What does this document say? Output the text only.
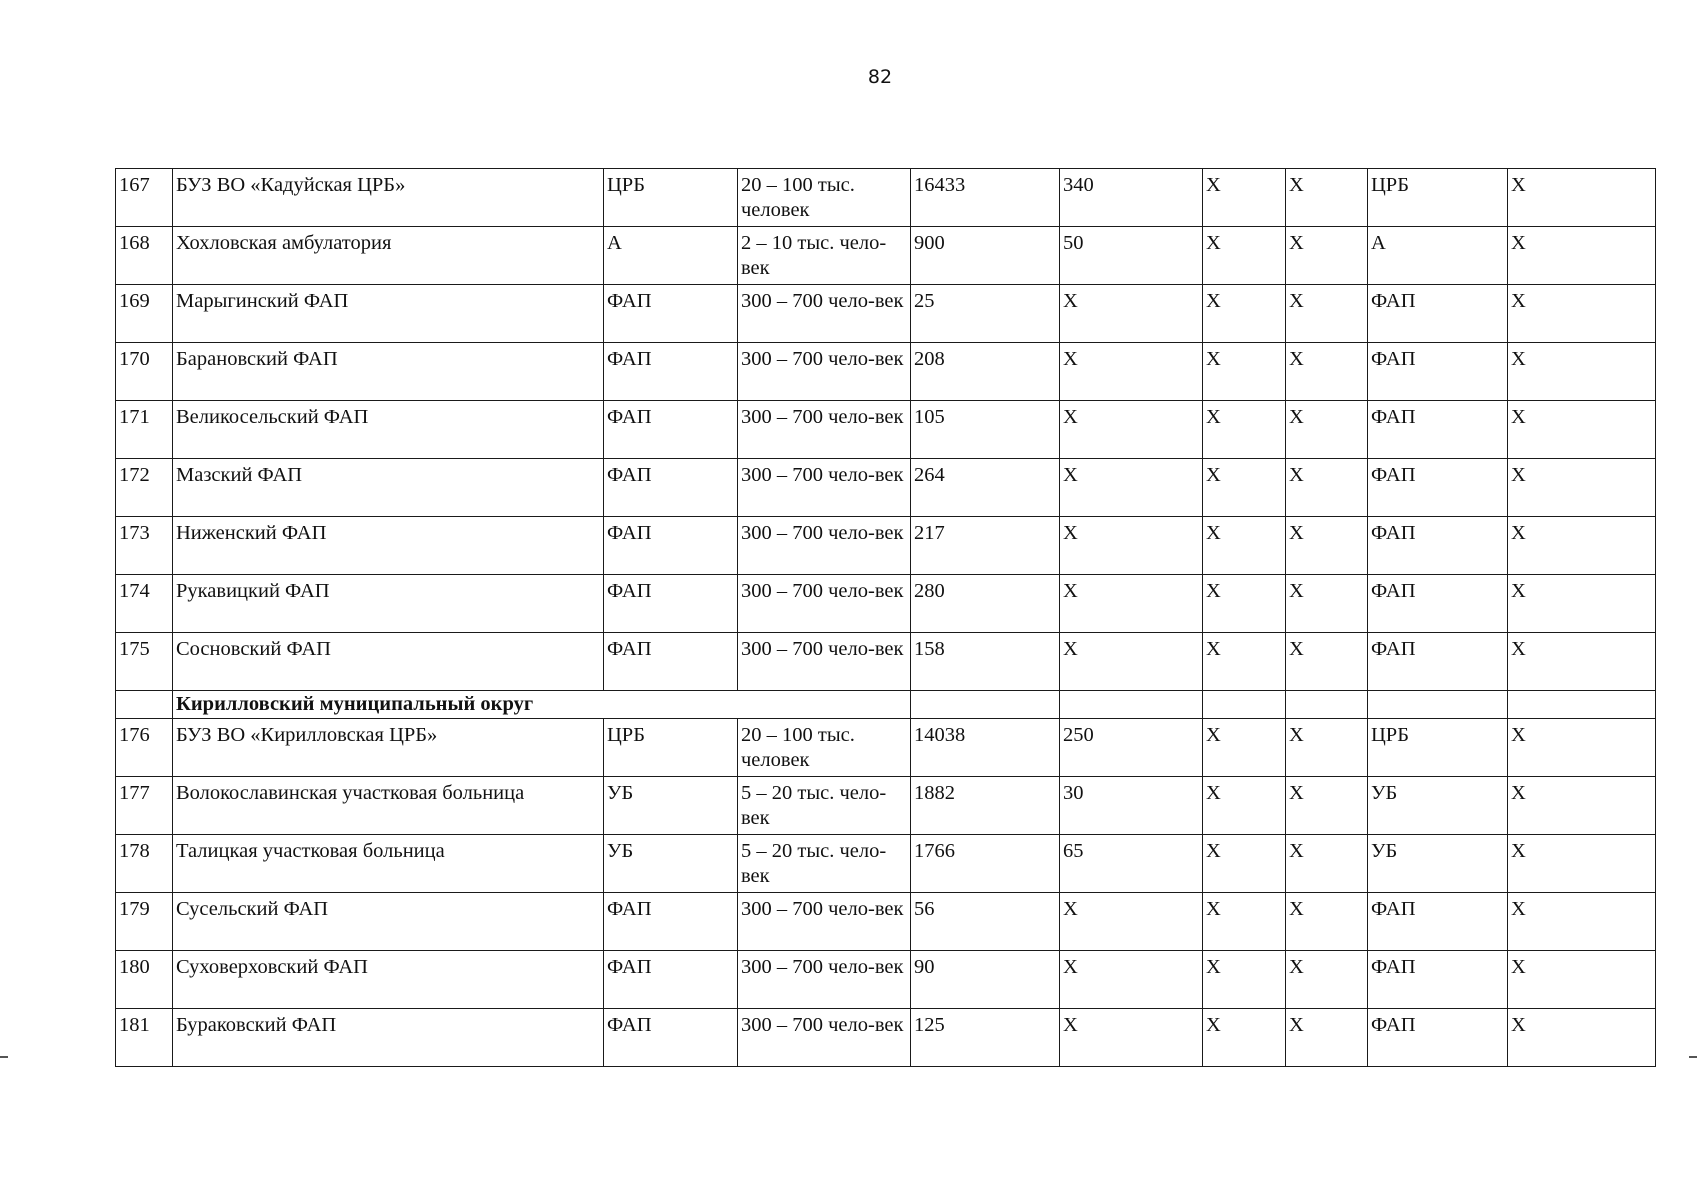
82
167	БУЗ ВО «Кадуйская ЦРБ»	ЦРБ	20 – 100 тыс. человек	16433	340	Х	Х	ЦРБ	Х
168	Хохловская амбулатория	А	2 – 10 тыс. чело-век	900	50	Х	Х	А	Х
169	Марыгинский ФАП	ФАП	300 – 700 чело-век	25	Х	Х	Х	ФАП	Х
170	Барановский ФАП	ФАП	300 – 700 чело-век	208	Х	Х	Х	ФАП	Х
171	Великосельский ФАП	ФАП	300 – 700 чело-век	105	Х	Х	Х	ФАП	Х
172	Мазский ФАП	ФАП	300 – 700 чело-век	264	Х	Х	Х	ФАП	Х
173	Ниженский ФАП	ФАП	300 – 700 чело-век	217	Х	Х	Х	ФАП	Х
174	Рукавицкий ФАП	ФАП	300 – 700 чело-век	280	Х	Х	Х	ФАП	Х
175	Сосновский ФАП	ФАП	300 – 700 чело-век	158	Х	Х	Х	ФАП	Х
	Кирилловский муниципальный округ								
176	БУЗ ВО «Кирилловская ЦРБ»	ЦРБ	20 – 100 тыс. человек	14038	250	Х	Х	ЦРБ	Х
177	Волокославинская участковая больница	УБ	5 – 20 тыс. чело-век	1882	30	Х	Х	УБ	Х
178	Талицкая участковая больница	УБ	5 – 20 тыс. чело-век	1766	65	Х	Х	УБ	Х
179	Сусельский ФАП	ФАП	300 – 700 чело-век	56	Х	Х	Х	ФАП	Х
180	Суховерховский ФАП	ФАП	300 – 700 чело-век	90	Х	Х	Х	ФАП	Х
181	Бураковский ФАП	ФАП	300 – 700 чело-век	125	Х	Х	Х	ФАП	Х
